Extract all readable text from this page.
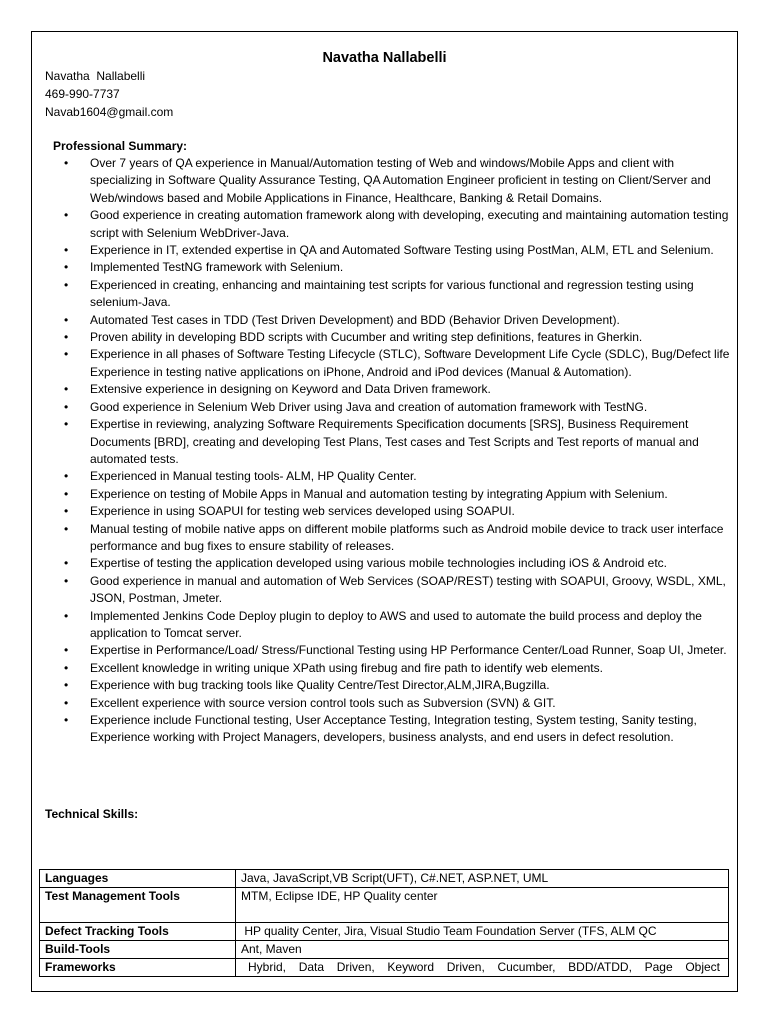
Navatha Nallabelli
Navatha  Nallabelli
469-990-7737
Navab1604@gmail.com
Professional Summary:
• Over 7 years of QA experience in Manual/Automation testing of Web and windows/Mobile Apps and client with specializing in Software Quality Assurance Testing, QA Automation Engineer proficient in testing on Client/Server and Web/windows based and Mobile Applications in Finance, Healthcare, Banking & Retail Domains.
• Good experience in creating automation framework along with developing, executing and maintaining automation testing script with Selenium WebDriver-Java.
• Experience in IT, extended expertise in QA and Automated Software Testing using PostMan, ALM, ETL and Selenium.
• Implemented TestNG framework with Selenium.
• Experienced in creating, enhancing and maintaining test scripts for various functional and regression testing using selenium-Java.
• Automated Test cases in TDD (Test Driven Development) and BDD (Behavior Driven Development).
• Proven ability in developing BDD scripts with Cucumber and writing step definitions, features in Gherkin.
• Experience in all phases of Software Testing Lifecycle (STLC), Software Development Life Cycle (SDLC), Bug/Defect life Experience in testing native applications on iPhone, Android and iPod devices (Manual & Automation).
• Extensive experience in designing on Keyword and Data Driven framework.
• Good experience in Selenium Web Driver using Java and creation of automation framework with TestNG.
• Expertise in reviewing, analyzing Software Requirements Specification documents [SRS], Business Requirement Documents [BRD], creating and developing Test Plans, Test cases and Test Scripts and Test reports of manual and automated tests.
• Experienced in Manual testing tools- ALM, HP Quality Center.
• Experience on testing of Mobile Apps in Manual and automation testing by integrating Appium with Selenium.
• Experience in using SOAPUI for testing web services developed using SOAPUI.
• Manual testing of mobile native apps on different mobile platforms such as Android mobile device to track user interface performance and bug fixes to ensure stability of releases.
• Expertise of testing the application developed using various mobile technologies including iOS & Android etc.
• Good experience in manual and automation of Web Services (SOAP/REST) testing with SOAPUI, Groovy, WSDL, XML, JSON, Postman, Jmeter.
• Implemented Jenkins Code Deploy plugin to deploy to AWS and used to automate the build process and deploy the application to Tomcat server.
• Expertise in Performance/Load/ Stress/Functional Testing using HP Performance Center/Load Runner, Soap UI, Jmeter.
• Excellent knowledge in writing unique XPath using firebug and fire path to identify web elements.
• Experience with bug tracking tools like Quality Centre/Test Director,ALM,JIRA,Bugzilla.
• Excellent experience with source version control tools such as Subversion (SVN) & GIT.
• Experience include Functional testing, User Acceptance Testing, Integration testing, System testing, Sanity testing, Experience working with Project Managers, developers, business analysts, and end users in defect resolution.
Technical Skills:
Languages	Java, JavaScript,VB Script(UFT), C#.NET, ASP.NET, UML
Test Management Tools	MTM, Eclipse IDE, HP Quality center
Defect Tracking Tools	HP quality Center, Jira, Visual Studio Team Foundation Server (TFS, ALM QC
Build-Tools	Ant, Maven
Frameworks	Hybrid, Data Driven, Keyword Driven, Cucumber, BDD/ATDD, Page Object
